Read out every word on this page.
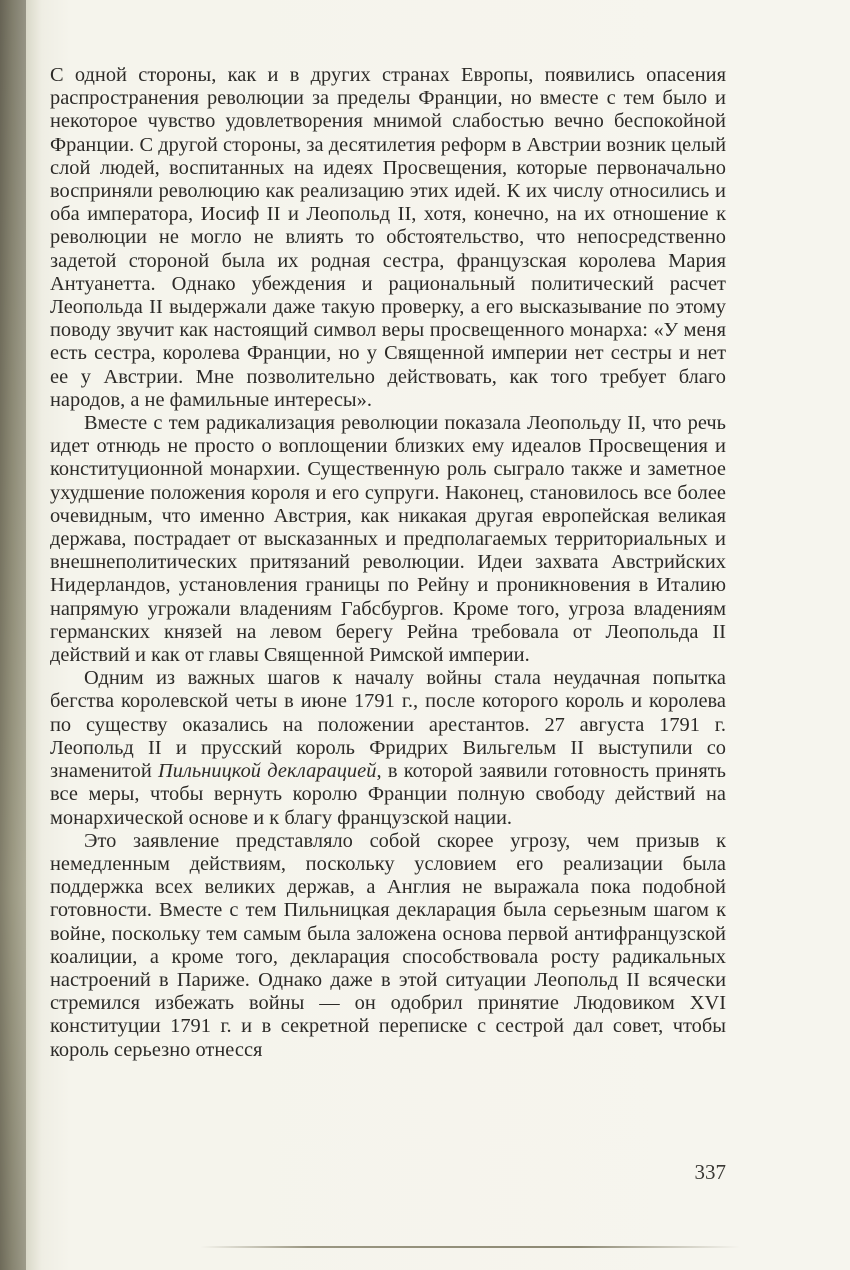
С одной стороны, как и в других странах Европы, появились опасения распространения революции за пределы Франции, но вместе с тем было и некоторое чувство удовлетворения мнимой слабостью вечно беспокойной Франции. С другой стороны, за десятилетия реформ в Австрии возник целый слой людей, воспитанных на идеях Просвещения, которые первоначально восприняли революцию как реализацию этих идей. К их числу относились и оба императора, Иосиф II и Леопольд II, хотя, конечно, на их отношение к революции не могло не влиять то обстоятельство, что непосредственно задетой стороной была их родная сестра, французская королева Мария Антуанетта. Однако убеждения и рациональный политический расчет Леопольда II выдержали даже такую проверку, а его высказывание по этому поводу звучит как настоящий символ веры просвещенного монарха: «У меня есть сестра, королева Франции, но у Священной империи нет сестры и нет ее у Австрии. Мне позволительно действовать, как того требует благо народов, а не фамильные интересы».

Вместе с тем радикализация революции показала Леопольду II, что речь идет отнюдь не просто о воплощении близких ему идеалов Просвещения и конституционной монархии. Существенную роль сыграло также и заметное ухудшение положения короля и его супруги. Наконец, становилось все более очевидным, что именно Австрия, как никакая другая европейская великая держава, пострадает от высказанных и предполагаемых территориальных и внешнеполитических притязаний революции. Идеи захвата Австрийских Нидерландов, установления границы по Рейну и проникновения в Италию напрямую угрожали владениям Габсбургов. Кроме того, угроза владениям германских князей на левом берегу Рейна требовала от Леопольда II действий и как от главы Священной Римской империи.

Одним из важных шагов к началу войны стала неудачная попытка бегства королевской четы в июне 1791 г., после которого король и королева по существу оказались на положении арестантов. 27 августа 1791 г. Леопольд II и прусский король Фридрих Вильгельм II выступили со знаменитой Пильницкой декларацией, в которой заявили готовность принять все меры, чтобы вернуть королю Франции полную свободу действий на монархической основе и к благу французской нации.

Это заявление представляло собой скорее угрозу, чем призыв к немедленным действиям, поскольку условием его реализации была поддержка всех великих держав, а Англия не выражала пока подобной готовности. Вместе с тем Пильницкая декларация была серьезным шагом к войне, поскольку тем самым была заложена основа первой антифранцузской коалиции, а кроме того, декларация способствовала росту радикальных настроений в Париже. Однако даже в этой ситуации Леопольд II всячески стремился избежать войны — он одобрил принятие Людовиком XVI конституции 1791 г. и в секретной переписке с сестрой дал совет, чтобы король серьезно отнесся

337
